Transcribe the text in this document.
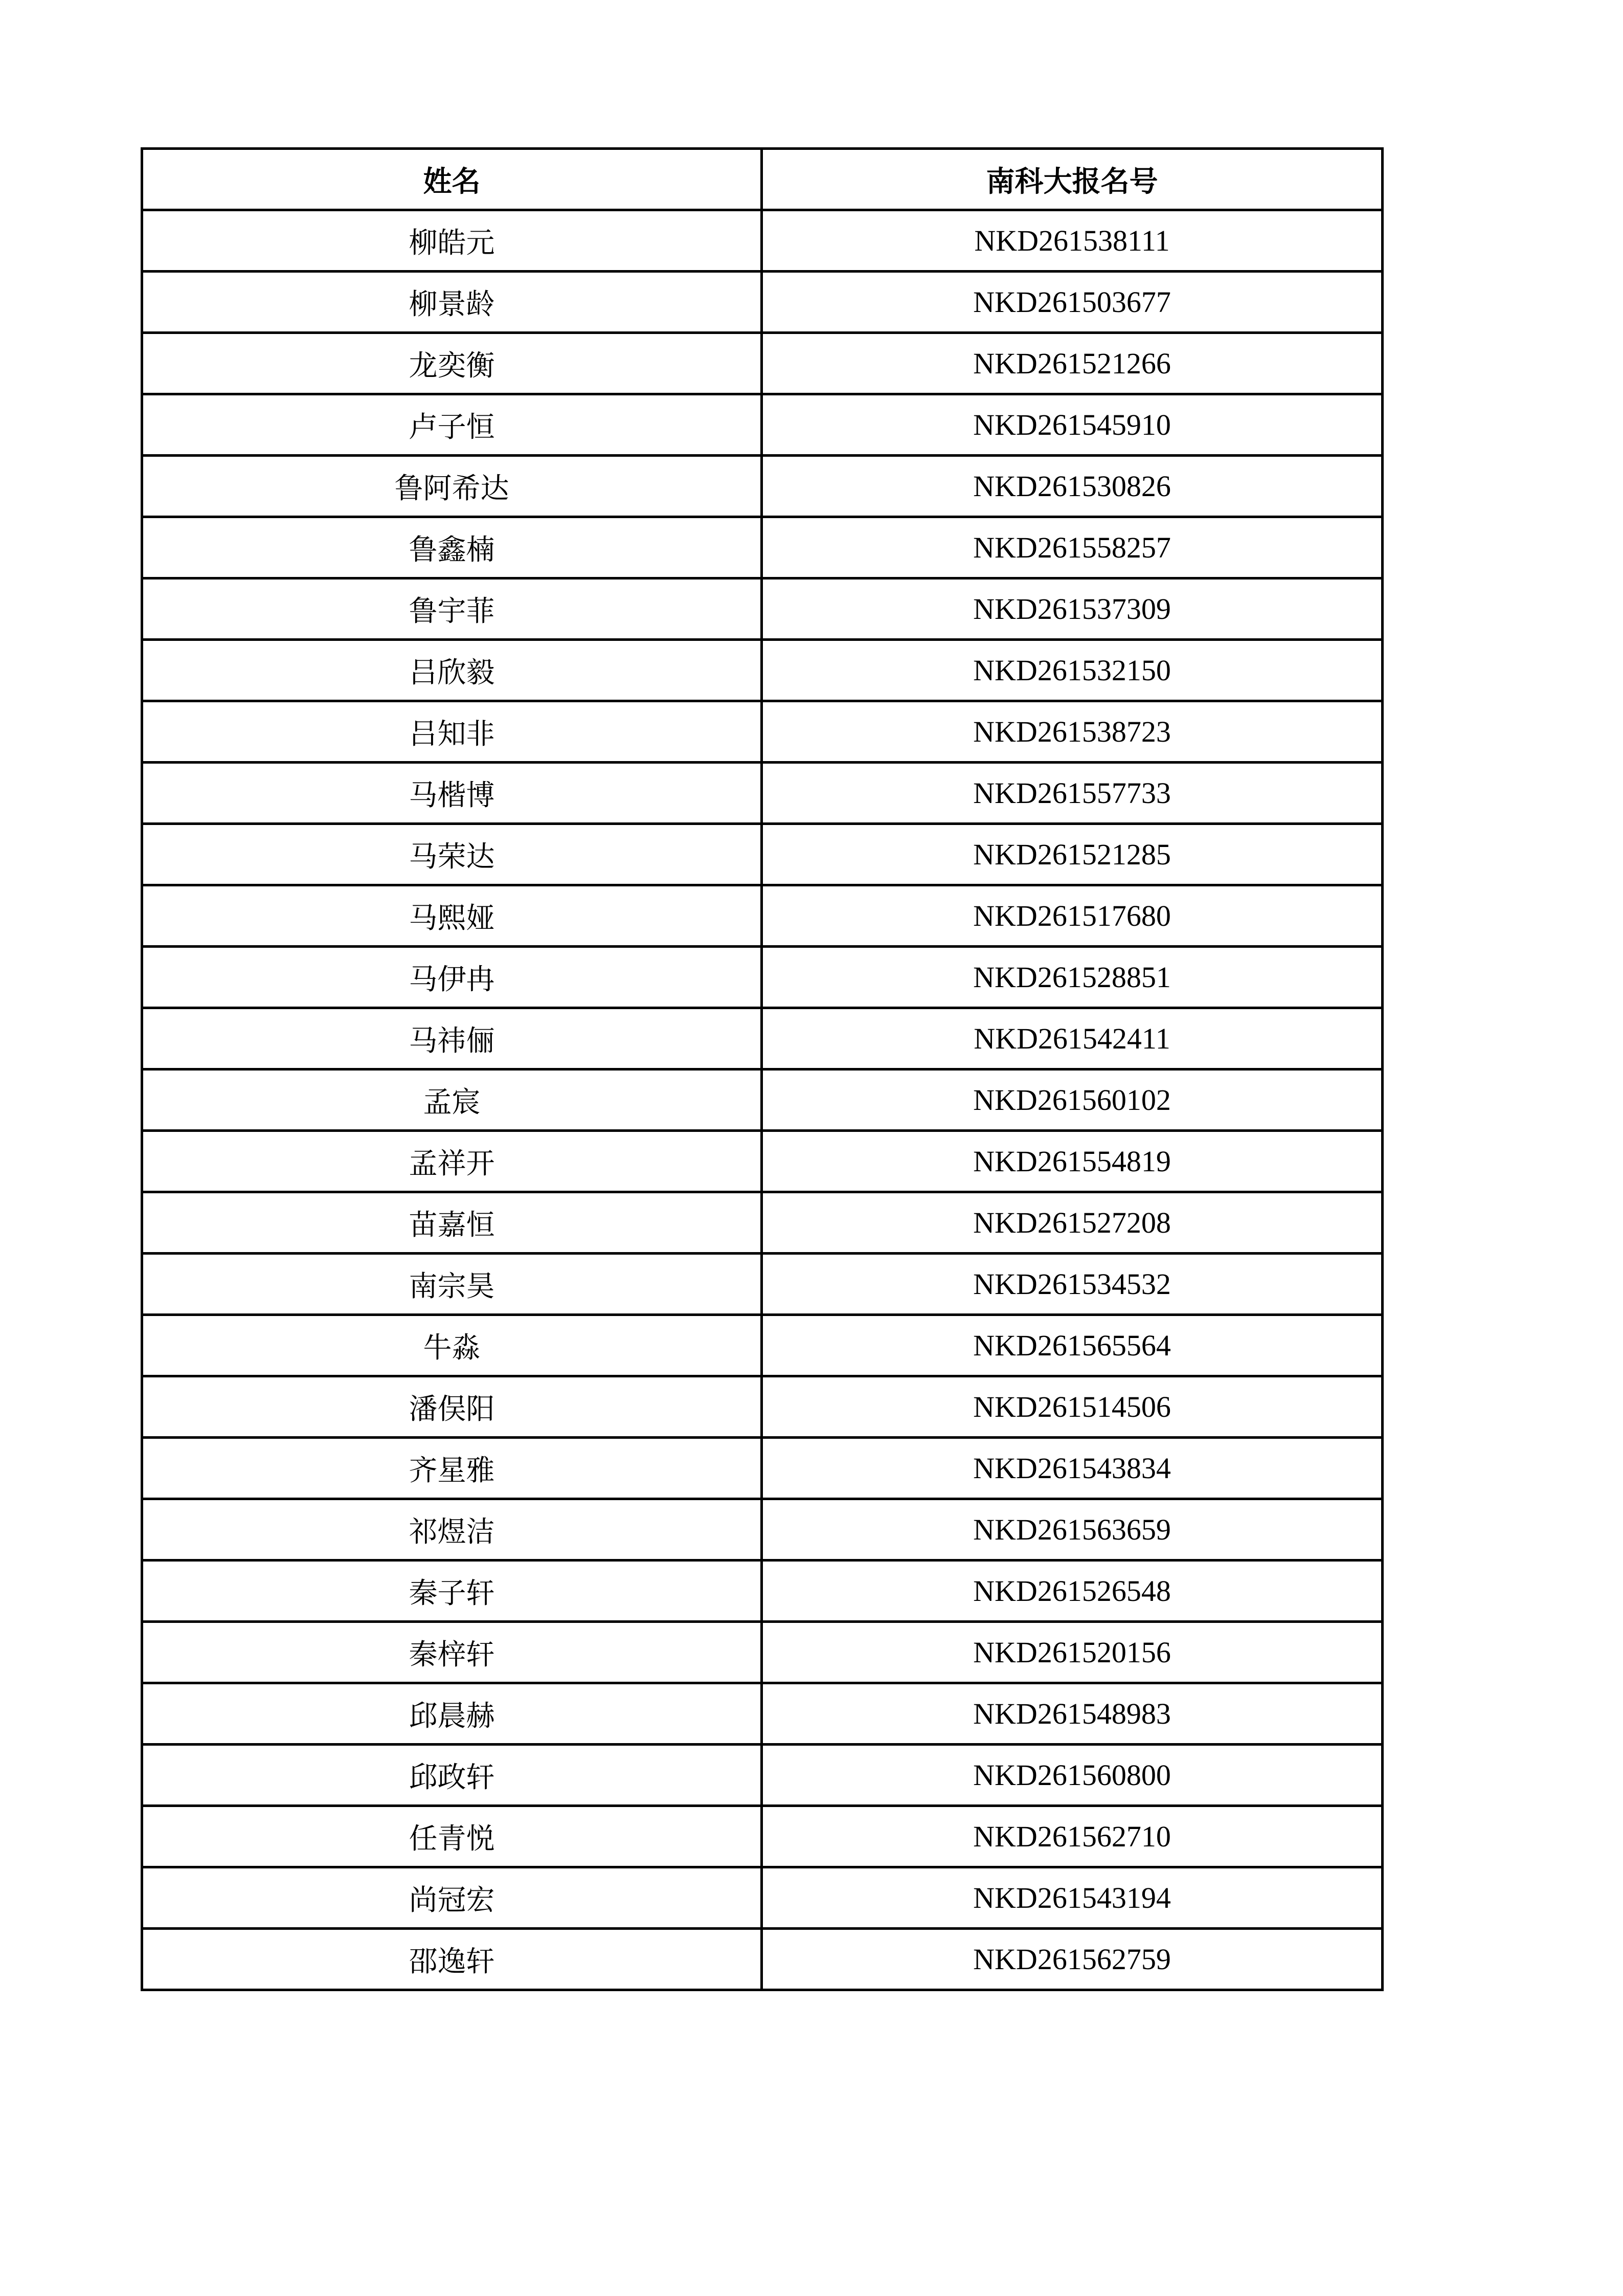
姓名	南科大报名号
柳皓元	NKD261538111
柳景龄	NKD261503677
龙奕衡	NKD261521266
卢子恒	NKD261545910
鲁阿希达	NKD261530826
鲁鑫楠	NKD261558257
鲁宇菲	NKD261537309
吕欣毅	NKD261532150
吕知非	NKD261538723
马楷博	NKD261557733
马荣达	NKD261521285
马熙娅	NKD261517680
马伊冉	NKD261528851
马祎俪	NKD261542411
孟宸	NKD261560102
孟祥开	NKD261554819
苗嘉恒	NKD261527208
南宗昊	NKD261534532
牛淼	NKD261565564
潘俣阳	NKD261514506
齐星雅	NKD261543834
祁煜洁	NKD261563659
秦子轩	NKD261526548
秦梓轩	NKD261520156
邱晨赫	NKD261548983
邱政轩	NKD261560800
任青悦	NKD261562710
尚冠宏	NKD261543194
邵逸轩	NKD261562759
